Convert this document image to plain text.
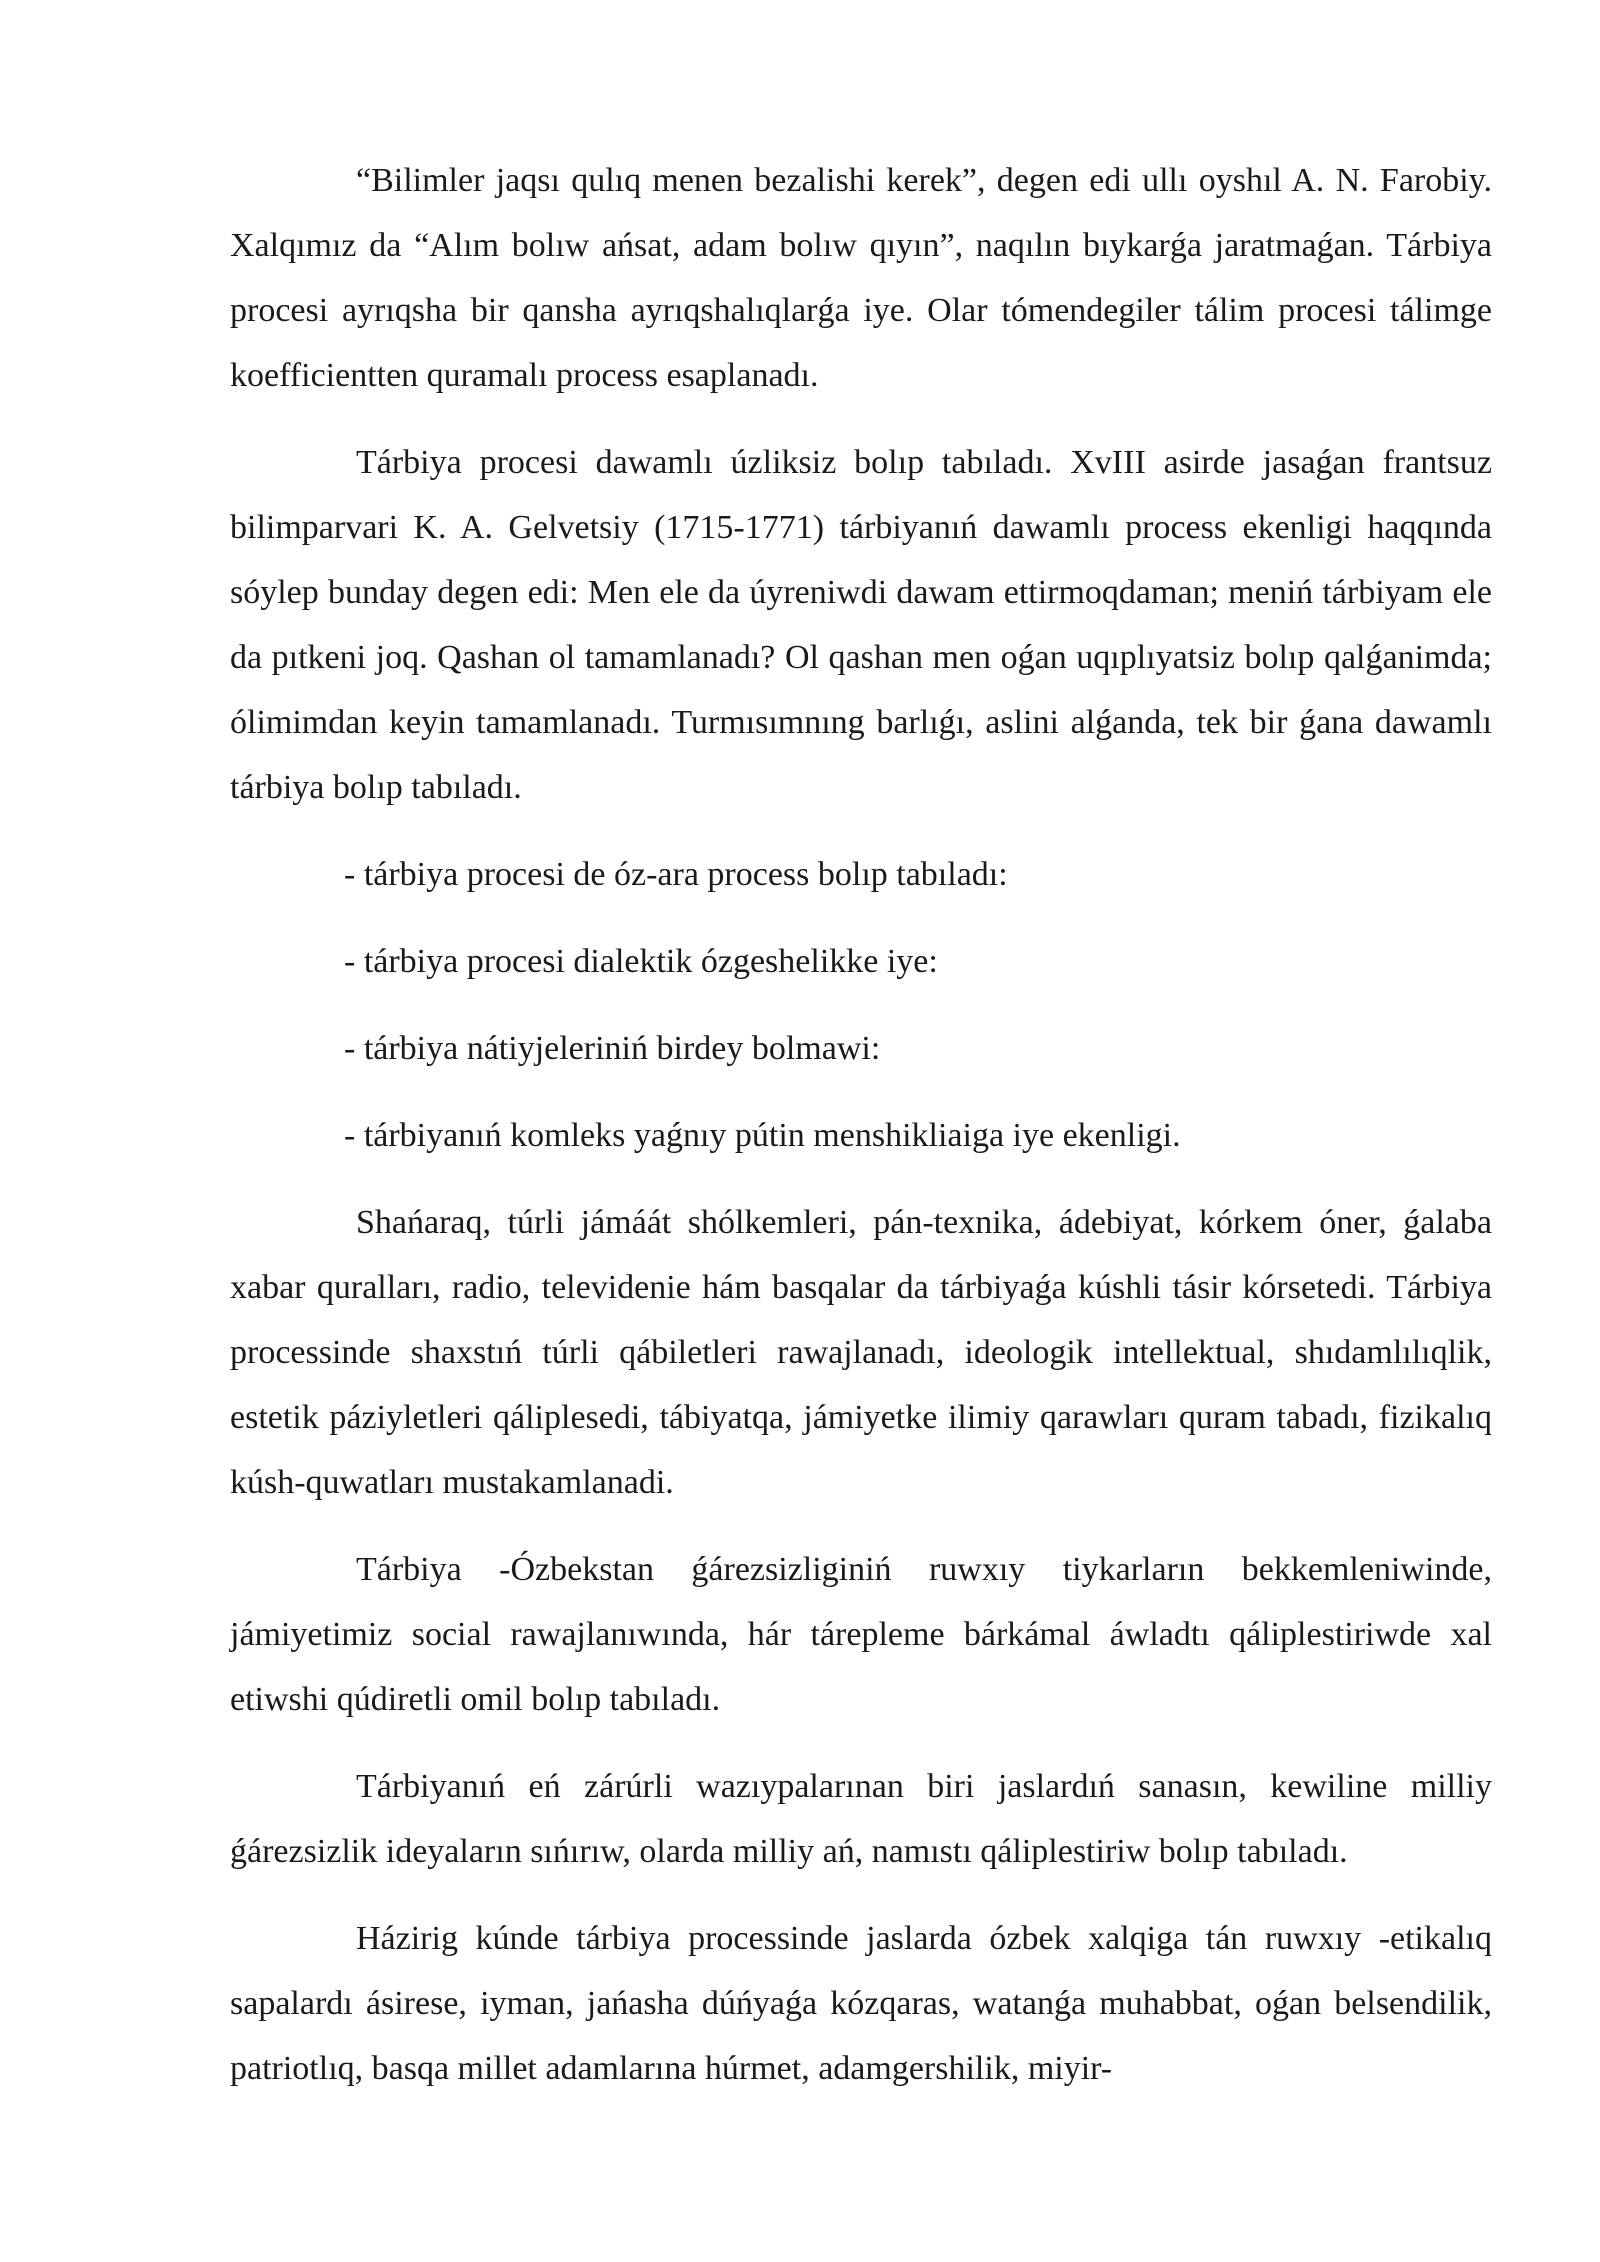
“Bilimler jaqsı qulıq menen bezalishi kerek”, degen edi ullı oyshıl A. N. Farobiy. Xalqımız da “Alım bolıw ańsat, adam bolıw qıyın”, naqılın bıykarǵa jaratmaǵan. Tárbiya procesi ayrıqsha bir qansha ayrıqshalıqlarǵa iye. Olar tómendegiler tálim procesi tálimge koefficientten quramalı process esaplanadı.

Tárbiya procesi dawamlı úzliksiz bolıp tabıladı. XvIII asirde jasaǵan frantsuz bilimparvari K. A. Gelvetsiy (1715-1771) tárbiyanıń dawamlı process ekenligi haqqında sóylep bunday degen edi: Men ele da úyreniwdi dawam ettirmoqdaman; meniń tárbiyam ele da pıtkeni joq. Qashan ol tamamlanadı? Ol qashan men oǵan uqıplıyatsiz bolıp qalǵanimda; ólimimdan keyin tamamlanadı. Turmısımnıng barlıǵı, aslini alǵanda, tek bir ǵana dawamlı tárbiya bolıp tabıladı.

- tárbiya procesi de óz-ara process bolıp tabıladı:

- tárbiya procesi dialektik ózgeshelikke iye:

- tárbiya nátiyjeleriniń birdey bolmawi:

- tárbiyanıń komleks yaǵnıy pútin menshikliaiga iye ekenligi.

Shańaraq, túrli jámáát shólkemleri, pán-texnika, ádebiyat, kórkem óner, ǵalaba xabar quralları, radio, televidenie hám basqalar da tárbiyaǵa kúshli tásir kórsetedi. Tárbiya processinde shaxstıń túrli qábiletleri rawajlanadı, ideologik intellektual, shıdamlılıqlik, estetik páziyletleri qáliplesedi, tábiyatqa, jámiyetke ilimiy qarawları quram tabadı, fizikalıq kúsh-quwatları mustakamlanadi.

Tárbiya -Ózbekstan ǵárezsizliginiń ruwxıy tiykarların bekkemleniwinde, jámiyetimiz social rawajlanıwında, hár tárepleme bárkámal áwladtı qáliplestiriwde xal etiwshi qúdiretli omil bolıp tabıladı.

Tárbiyanıń eń zárúrli wazıypalarınan biri jaslardıń sanasın, kewiline milliy ǵárezsizlik ideyaların sıńırıw, olarda milliy ań, namıstı qáliplestiriw bolıp tabıladı.

Házirig kúnde tárbiya processinde jaslarda ózbek xalqiga tán ruwxıy -etikalıq sapalardı ásirese, iyman, jańasha dúńyaǵa kózqaras, watanǵa muhabbat, oǵan belsendilik, patriotlıq, basqa millet adamlarına húrmet, adamgershilik, miyir-
